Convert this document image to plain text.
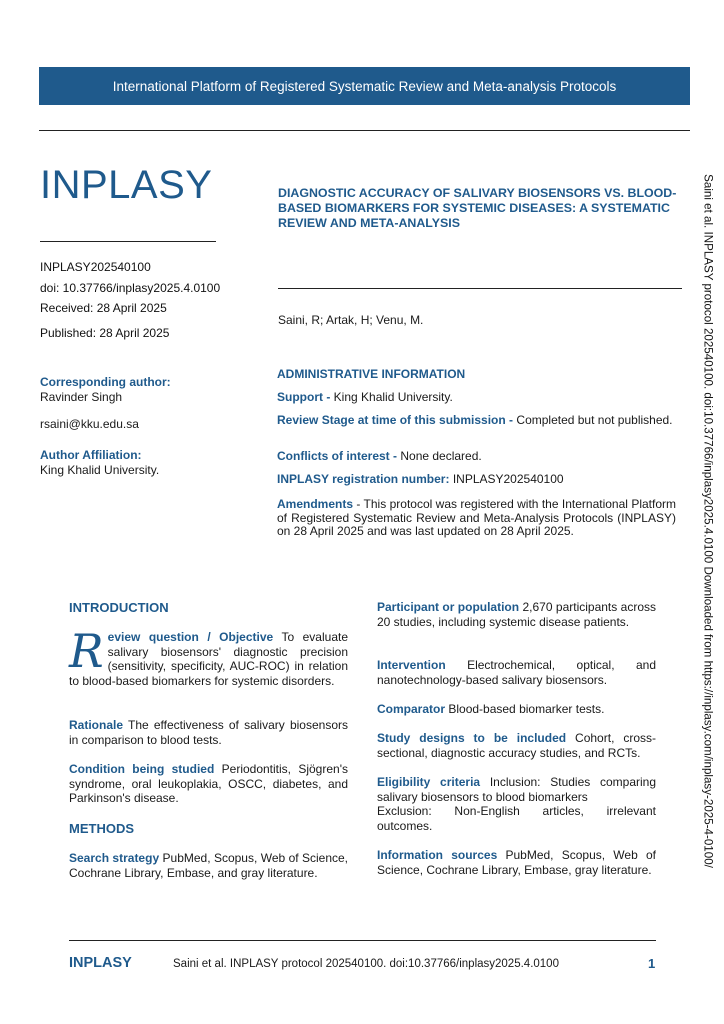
International Platform of Registered Systematic Review and Meta-analysis Protocols
INPLASY
INPLASY202540100
doi: 10.37766/inplasy2025.4.0100
Received: 28 April 2025
Published: 28 April 2025
DIAGNOSTIC ACCURACY OF SALIVARY BIOSENSORS VS. BLOOD-BASED BIOMARKERS FOR SYSTEMIC DISEASES: A SYSTEMATIC REVIEW AND META-ANALYSIS
Saini, R; Artak, H; Venu, M.
Corresponding author:
Ravinder Singh
rsaini@kku.edu.sa
Author Affiliation:
King Khalid University.
ADMINISTRATIVE INFORMATION
Support - King Khalid University.
Review Stage at time of this submission - Completed but not published.
Conflicts of interest - None declared.
INPLASY registration number: INPLASY202540100
Amendments - This protocol was registered with the International Platform of Registered Systematic Review and Meta-Analysis Protocols (INPLASY) on 28 April 2025 and was last updated on 28 April 2025.
INTRODUCTION
Review question / Objective To evaluate salivary biosensors' diagnostic precision (sensitivity, specificity, AUC-ROC) in relation to blood-based biomarkers for systemic disorders.
Rationale The effectiveness of salivary biosensors in comparison to blood tests.
Condition being studied Periodontitis, Sjögren's syndrome, oral leukoplakia, OSCC, diabetes, and Parkinson's disease.
METHODS
Search strategy PubMed, Scopus, Web of Science, Cochrane Library, Embase, and gray literature.
Participant or population 2,670 participants across 20 studies, including systemic disease patients.
Intervention Electrochemical, optical, and nanotechnology-based salivary biosensors.
Comparator Blood-based biomarker tests.
Study designs to be included Cohort, cross-sectional, diagnostic accuracy studies, and RCTs.
Eligibility criteria Inclusion: Studies comparing salivary biosensors to blood biomarkers
Exclusion: Non-English articles, irrelevant outcomes.
Information sources PubMed, Scopus, Web of Science, Cochrane Library, Embase, gray literature.
Saini et al. INPLASY protocol 202540100. doi:10.37766/inplasy2025.4.0100 Downloaded from https://inplasy.com/inplasy-2025-4-0100/
INPLASY	Saini et al. INPLASY protocol 202540100. doi:10.37766/inplasy2025.4.0100	1
